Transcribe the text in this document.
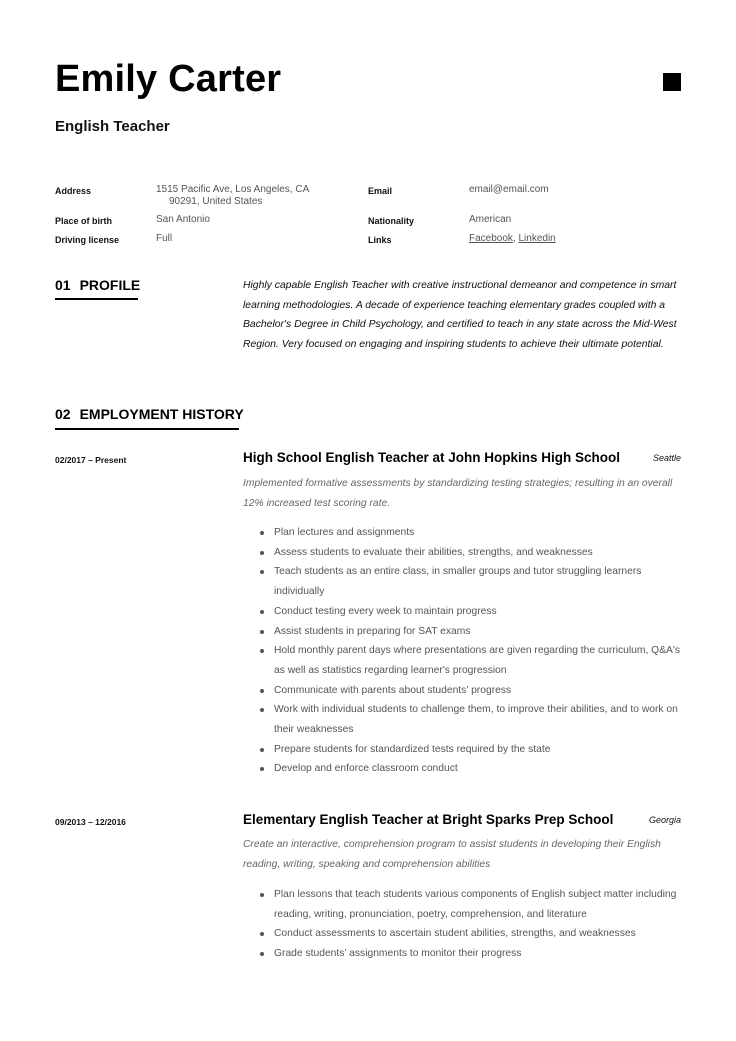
Emily Carter
English Teacher
Address	1515 Pacific Ave, Los Angeles, CA
90291, United States
Place of birth	San Antonio
Driving license	Full
Email	email@email.com
Nationality	American
Links	Facebook, Linkedin
01 PROFILE	Highly capable English Teacher with creative instructional demeanor and competence in smart learning methodologies. A decade of experience teaching elementary grades coupled with a Bachelor's Degree in Child Psychology, and certified to teach in any state across the Mid-West Region. Very focused on engaging and inspiring students to achieve their ultimate potential.
02 EMPLOYMENT HISTORY
02/2017 – Present	High School English Teacher at John Hopkins High School	Seattle
Implemented formative assessments by standardizing testing strategies; resulting in an overall 12% increased test scoring rate.
Plan lectures and assignments
Assess students to evaluate their abilities, strengths, and weaknesses
Teach students as an entire class, in smaller groups and tutor struggling learners individually
Conduct testing every week to maintain progress
Assist students in preparing for SAT exams
Hold monthly parent days where presentations are given regarding the curriculum, Q&A's as well as statistics regarding learner's progression
Communicate with parents about students’ progress
Work with individual students to challenge them, to improve their abilities, and to work on their weaknesses
Prepare students for standardized tests required by the state
Develop and enforce classroom conduct
09/2013 – 12/2016	Elementary English Teacher at Bright Sparks Prep School	Georgia
Create an interactive, comprehension program to assist students in developing their English reading, writing, speaking and comprehension abilities
Plan lessons that teach students various components of English subject matter including reading, writing, pronunciation, poetry, comprehension, and literature
Conduct assessments to ascertain student abilities, strengths, and weaknesses
Grade students’ assignments to monitor their progress
